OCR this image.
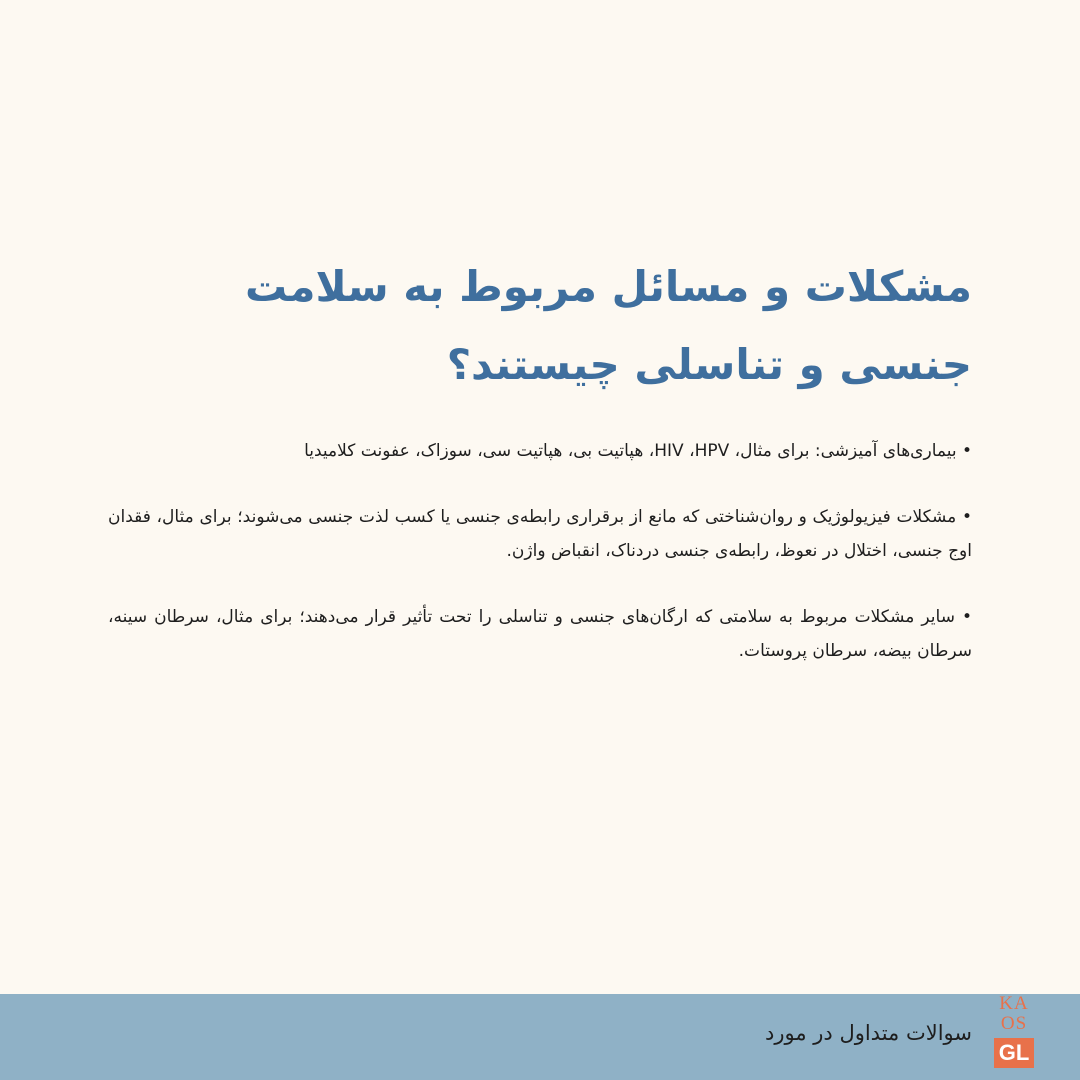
مشکلات و مسائل مربوط به سلامت
جنسی و تناسلی چیستند؟

• بیماری‌های آمیزشی: برای مثال، HIV ،HPV، هپاتیت بی، هپاتیت سی، سوزاک، عفونت کلامیدیا

• مشکلات فیزیولوژیک و روان‌شناختی که مانع از برقراری رابطه‌ی جنسی یا کسب لذت جنسی می‌شوند؛ برای مثال، فقدان اوج جنسی، اختلال در نعوظ، رابطه‌ی جنسی دردناک، انقباض واژن.

• سایر مشکلات مربوط به سلامتی که ارگان‌های جنسی و تناسلی را تحت تأثیر قرار می‌دهند؛ برای مثال، سرطان سینه، سرطان بیضه، سرطان پروستات.

سوالات متداول در مورد
KA
OS
GL
